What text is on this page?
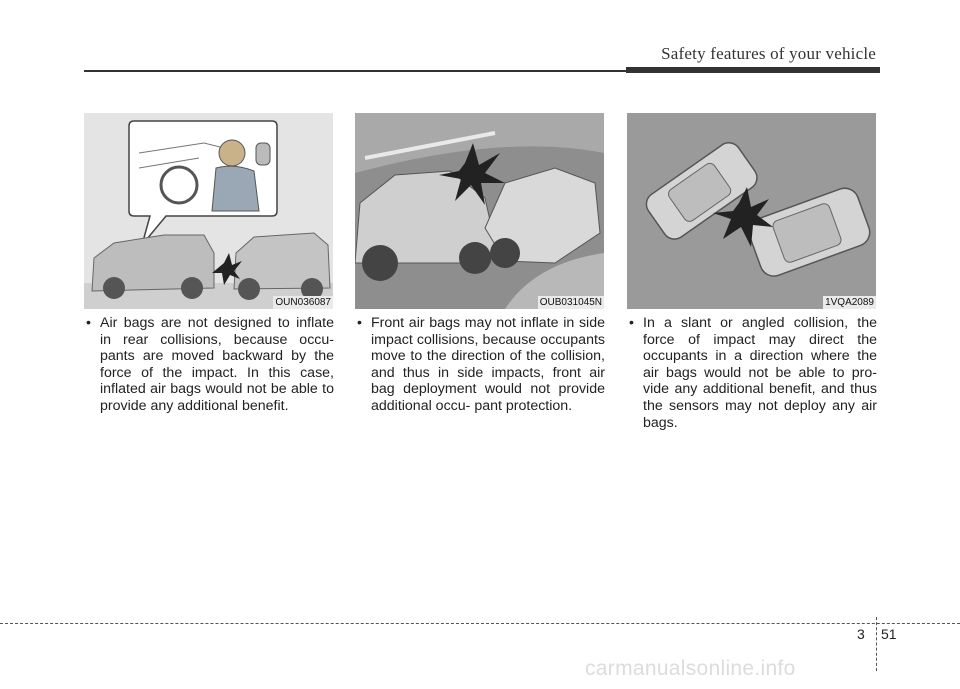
Safety features of your vehicle
OUN036087	OUB031045N	1VQA2089
• Air bags are not designed to inflate in rear collisions, because occu- pants are moved backward by the force of the impact. In this case, inflated air bags would not be able to provide any additional benefit.
• Front air bags may not inflate in side impact collisions, because occupants move to the direction of the collision, and thus in side impacts, front air bag deployment would not provide additional occu- pant protection.
• In a slant or angled collision, the force of impact may direct the occupants in a direction where the air bags would not be able to pro- vide any additional benefit, and thus the sensors may not deploy any air bags.
3 51
carmanualsonline.info
